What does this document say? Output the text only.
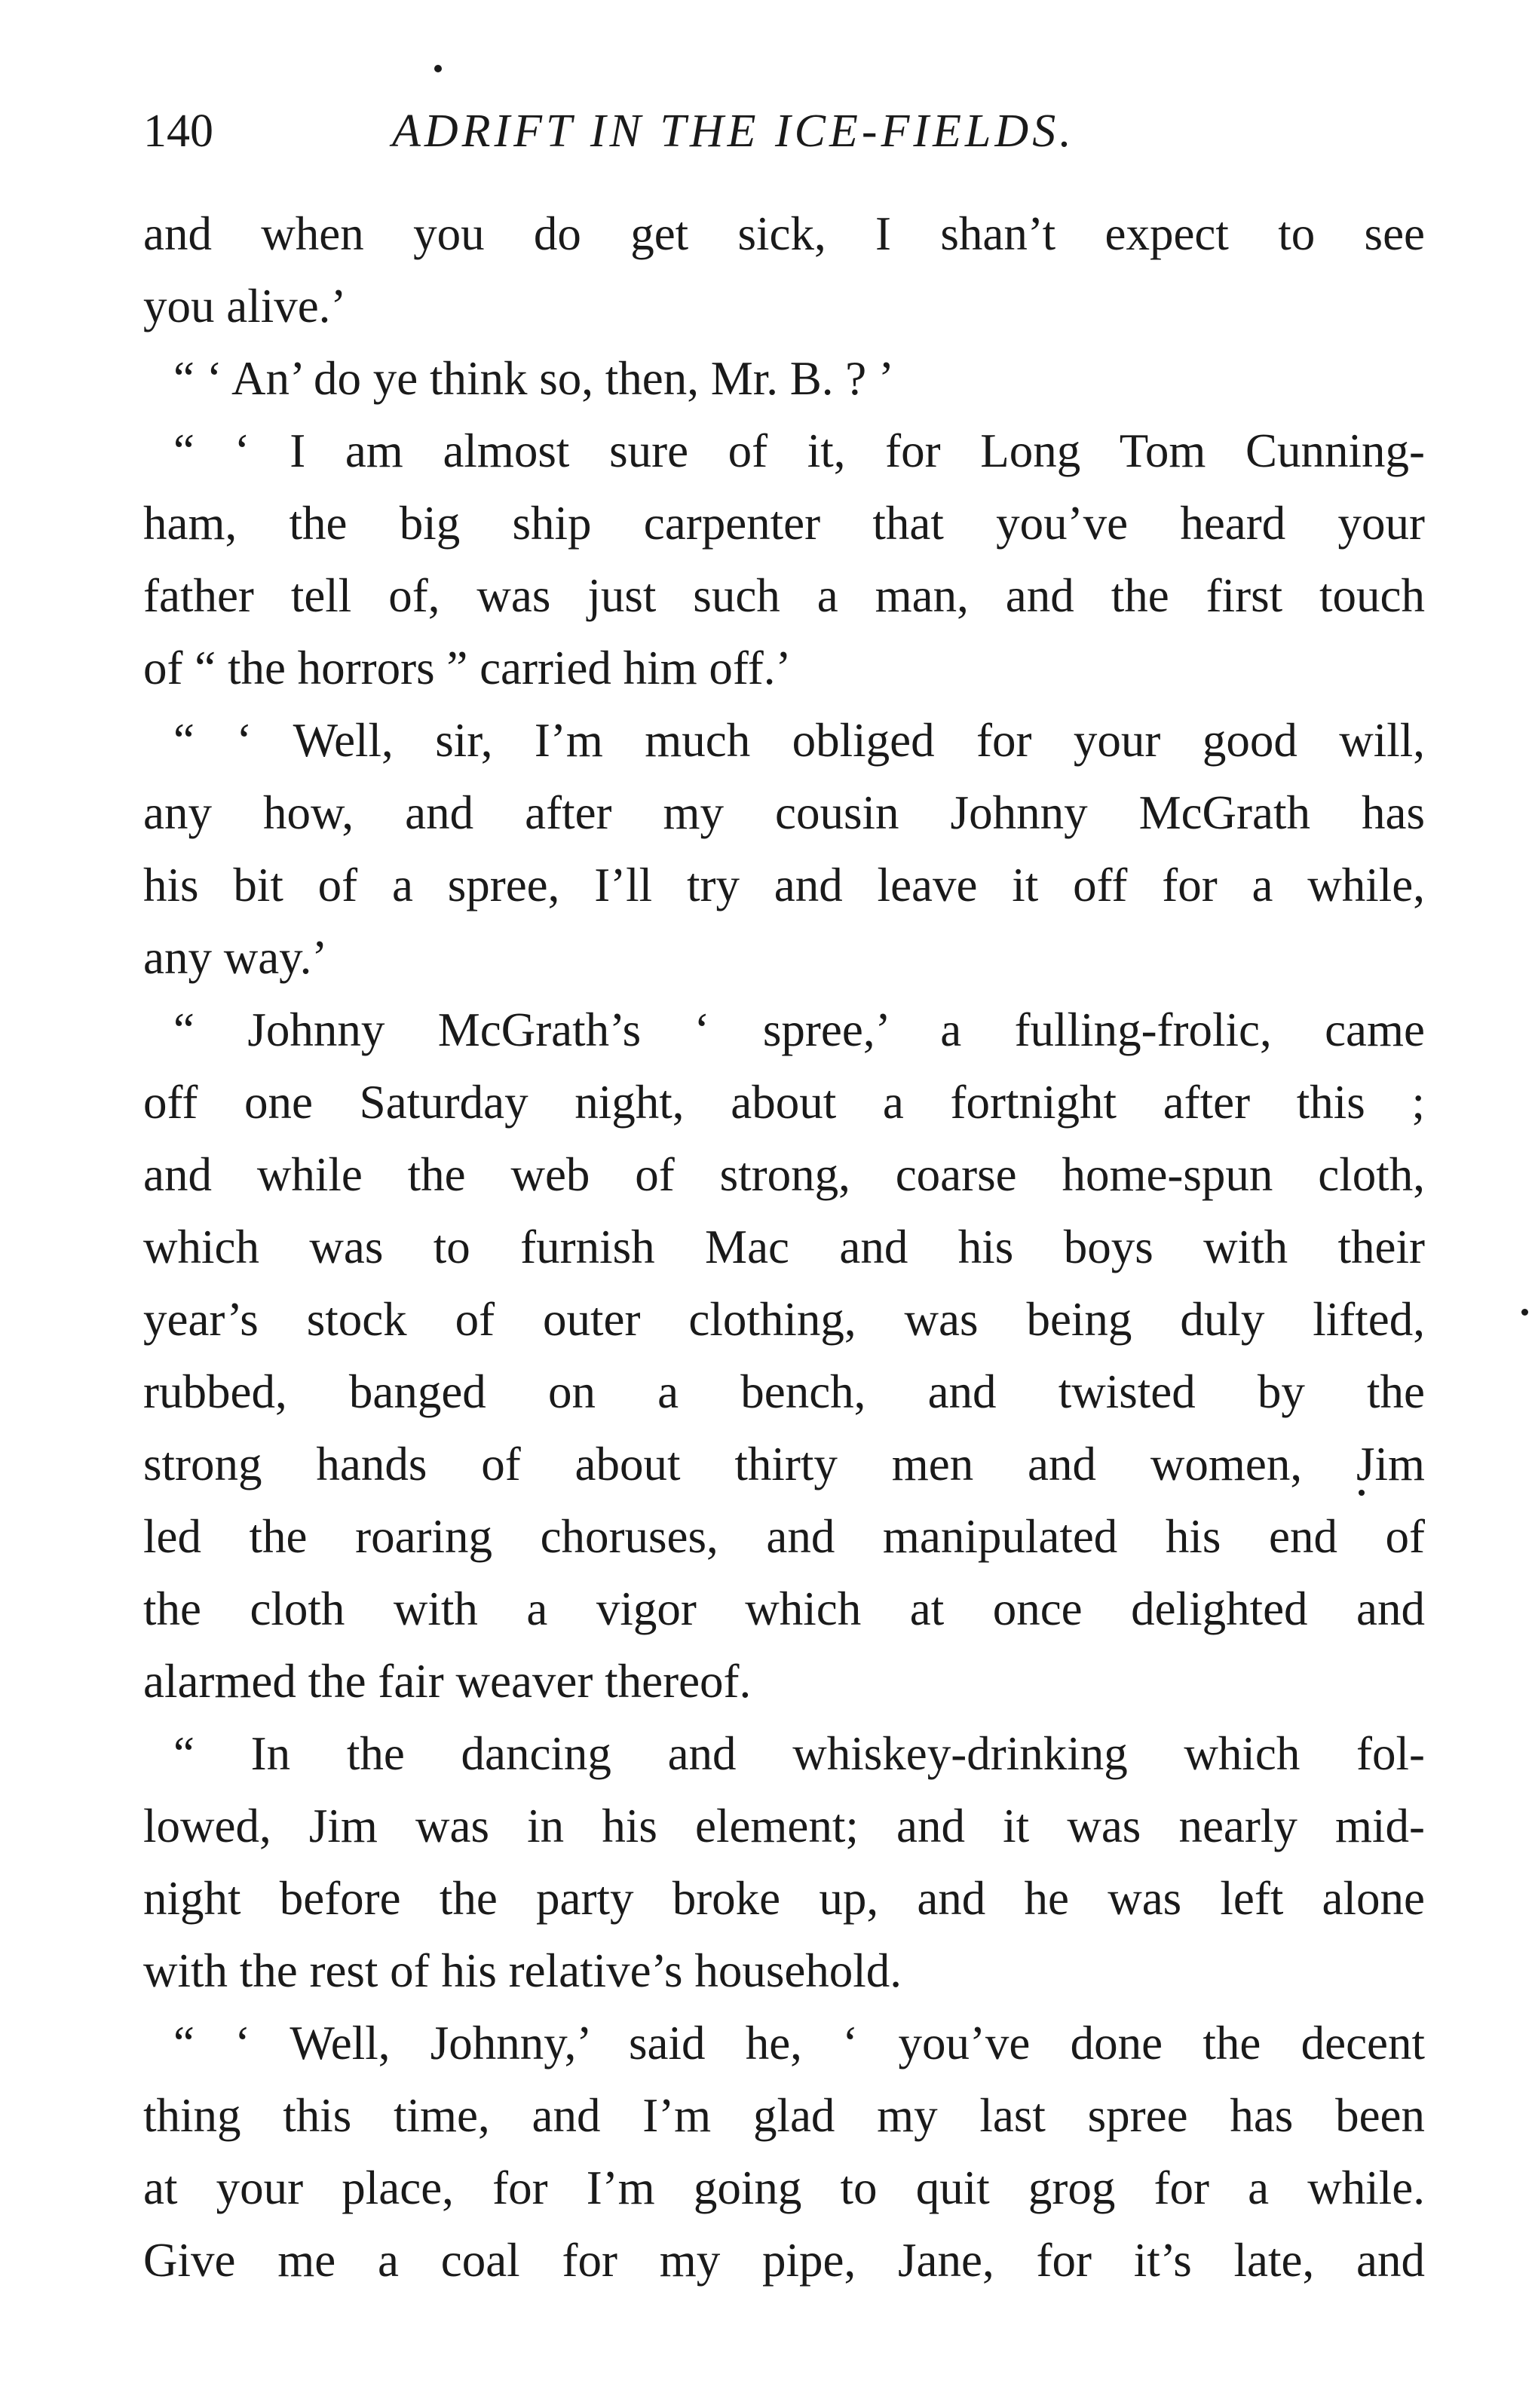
140	ADRIFT IN THE ICE-FIELDS.
and when you do get sick, I shan’t expect to see
you alive.’
“ ‘ An’ do ye think so, then, Mr. B. ? ’
“ ‘ I am almost sure of it, for Long Tom Cunning-
ham, the big ship carpenter that you’ve heard your
father tell of, was just such a man, and the first touch
of “ the horrors ” carried him off.’
“ ‘ Well, sir, I’m much obliged for your good will,
any how, and after my cousin Johnny McGrath has
his bit of a spree, I’ll try and leave it off for a while,
any way.’
“ Johnny McGrath’s ‘ spree,’ a fulling-frolic, came
off one Saturday night, about a fortnight after this ;
and while the web of strong, coarse home-spun cloth,
which was to furnish Mac and his boys with their
year’s stock of outer clothing, was being duly lifted,
rubbed, banged on a bench, and twisted by the
strong hands of about thirty men and women, Jim
led the roaring choruses, and manipulated his end of
the cloth with a vigor which at once delighted and
alarmed the fair weaver thereof.
“ In the dancing and whiskey-drinking which fol-
lowed, Jim was in his element; and it was nearly mid-
night before the party broke up, and he was left alone
with the rest of his relative’s household.
“ ‘ Well, Johnny,’ said he, ‘ you’ve done the decent
thing this time, and I’m glad my last spree has been
at your place, for I’m going to quit grog for a while.
Give me a coal for my pipe, Jane, for it’s late, and
